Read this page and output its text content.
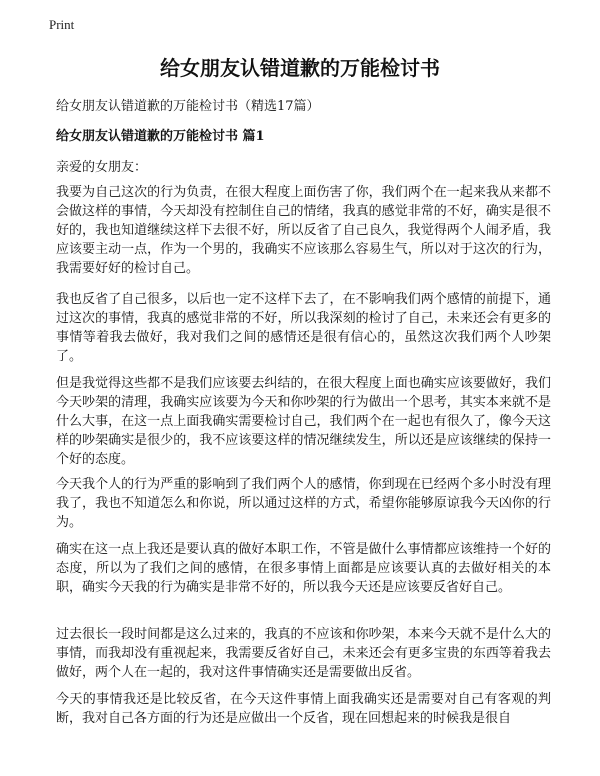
Print
给女朋友认错道歉的万能检讨书

给女朋友认错道歉的万能检讨书（精选17篇）

给女朋友认错道歉的万能检讨书 篇1

亲爱的女朋友：

我要为自己这次的行为负责，在很大程度上面伤害了你，我们两个在一起来我从来都不会做这样的事情，今天却没有控制住自己的情绪，我真的感觉非常的不好，确实是很不好的，我也知道继续这样下去很不好，所以反省了自己良久，我觉得两个人闹矛盾，我应该要主动一点，作为一个男的，我确实不应该那么容易生气，所以对于这次的行为，我需要好好的检讨自己。

我也反省了自己很多，以后也一定不这样下去了，在不影响我们两个感情的前提下，通过这次的事情，我真的感觉非常的不好，所以我深刻的检讨了自己，未来还会有更多的事情等着我去做好，我对我们之间的感情还是很有信心的，虽然这次我们两个人吵架了。

但是我觉得这些都不是我们应该要去纠结的，在很大程度上面也确实应该要做好，我们今天吵架的清理，我确实应该要为今天和你吵架的行为做出一个思考，其实本来就不是什么大事，在这一点上面我确实需要检讨自己，我们两个在一起也有很久了，像今天这样的吵架确实是很少的，我不应该要这样的情况继续发生，所以还是应该继续的保持一个好的态度。

今天我个人的行为严重的影响到了我们两个人的感情，你到现在已经两个多小时没有理我了，我也不知道怎么和你说，所以通过这样的方式，希望你能够原谅我今天凶你的行为。

确实在这一点上我还是要认真的做好本职工作，不管是做什么事情都应该维持一个好的态度，所以为了我们之间的感情，在很多事情上面都是应该要认真的去做好相关的本职，确实今天我的行为确实是非常不好的，所以我今天还是应该要反省好自己。

过去很长一段时间都是这么过来的，我真的不应该和你吵架，本来今天就不是什么大的事情，而我却没有重视起来，我需要反省好自己，未来还会有更多宝贵的东西等着我去做好，两个人在一起的，我对这件事情确实还是需要做出反省。

今天的事情我还是比较反省，在今天这件事情上面我确实还是需要对自己有客观的判断，我对自己各方面的行为还是应做出一个反省，现在回想起来的时候我是很自
